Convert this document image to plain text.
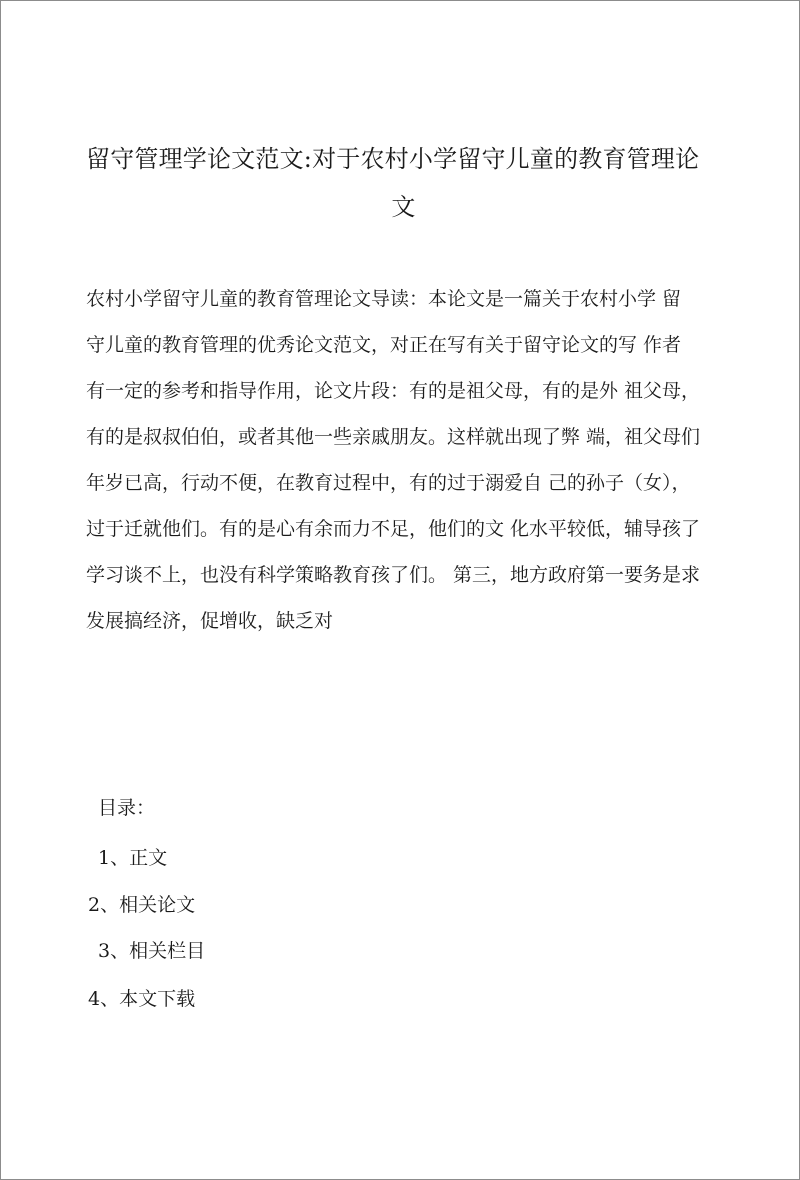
留守管理学论文范文:对于农村小学留守儿童的教育管理论
文
农村小学留守儿童的教育管理论文导读：本论文是一篇关于农村小学 留
守儿童的教育管理的优秀论文范文，对正在写有关于留守论文的写 作者
有一定的参考和指导作用，论文片段：有的是祖父母，有的是外 祖父母，
有的是叔叔伯伯，或者其他一些亲戚朋友。这样就出现了弊 端，祖父母们
年岁已高，行动不便，在教育过程中，有的过于溺爱自 己的孙子（女），
过于迁就他们。有的是心有余而力不足，他们的文 化水平较低，辅导孩了
学习谈不上，也没有科学策略教育孩了们。 第三，地方政府第一要务是求
发展搞经济，促增收，缺乏对
目录：
1、正文
2、相关论文
3、相关栏目
4、本文下载
